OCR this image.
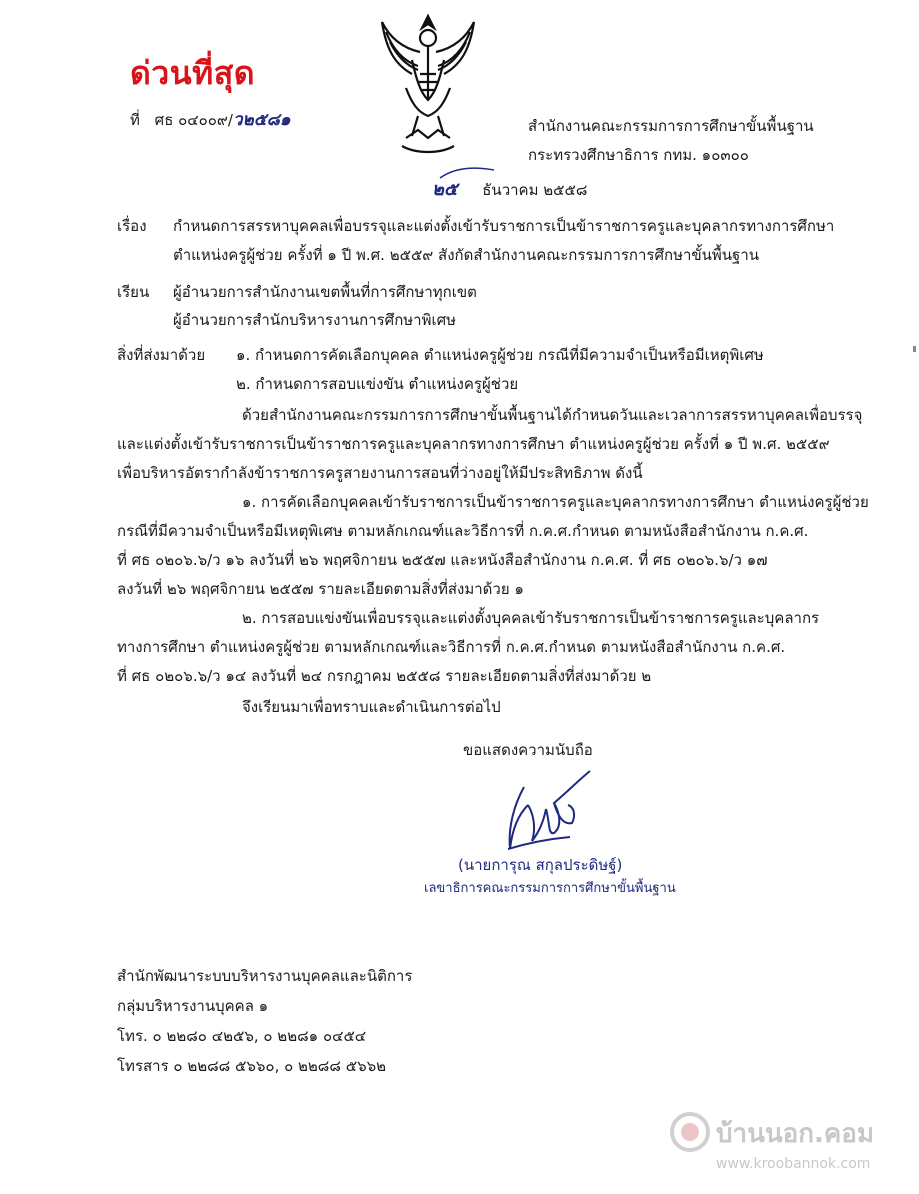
ด่วนที่สุด
ที่ ศธ ๐๔๐๐๙/ว๒๕๘๑	สำนักงานคณะกรรมการการศึกษาขั้นพื้นฐาน
กระทรวงศึกษาธิการ กทม. ๑๐๓๐๐
๒๕ ธันวาคม ๒๕๕๘
เรื่อง กำหนดการสรรหาบุคคลเพื่อบรรจุและแต่งตั้งเข้ารับราชการเป็นข้าราชการครูและบุคลากรทางการศึกษา
ตำแหน่งครูผู้ช่วย ครั้งที่ ๑ ปี พ.ศ. ๒๕๕๙ สังกัดสำนักงานคณะกรรมการการศึกษาขั้นพื้นฐาน
เรียน ผู้อำนวยการสำนักงานเขตพื้นที่การศึกษาทุกเขต
ผู้อำนวยการสำนักบริหารงานการศึกษาพิเศษ
สิ่งที่ส่งมาด้วย ๑. กำหนดการคัดเลือกบุคคล ตำแหน่งครูผู้ช่วย กรณีที่มีความจำเป็นหรือมีเหตุพิเศษ
๒. กำหนดการสอบแข่งขัน ตำแหน่งครูผู้ช่วย
ด้วยสำนักงานคณะกรรมการการศึกษาขั้นพื้นฐานได้กำหนดวันและเวลาการสรรหาบุคคลเพื่อบรรจุ
และแต่งตั้งเข้ารับราชการเป็นข้าราชการครูและบุคลากรทางการศึกษา ตำแหน่งครูผู้ช่วย ครั้งที่ ๑ ปี พ.ศ. ๒๕๕๙
เพื่อบริหารอัตรากำลังข้าราชการครูสายงานการสอนที่ว่างอยู่ให้มีประสิทธิภาพ ดังนี้
๑. การคัดเลือกบุคคลเข้ารับราชการเป็นข้าราชการครูและบุคลากรทางการศึกษา ตำแหน่งครูผู้ช่วย
กรณีที่มีความจำเป็นหรือมีเหตุพิเศษ ตามหลักเกณฑ์และวิธีการที่ ก.ค.ศ.กำหนด ตามหนังสือสำนักงาน ก.ค.ศ.
ที่ ศธ ๐๒๐๖.๖/ว ๑๖ ลงวันที่ ๒๖ พฤศจิกายน ๒๕๕๗ และหนังสือสำนักงาน ก.ค.ศ. ที่ ศธ ๐๒๐๖.๖/ว ๑๗
ลงวันที่ ๒๖ พฤศจิกายน ๒๕๕๗ รายละเอียดตามสิ่งที่ส่งมาด้วย ๑
๒. การสอบแข่งขันเพื่อบรรจุและแต่งตั้งบุคคลเข้ารับราชการเป็นข้าราชการครูและบุคลากร
ทางการศึกษา ตำแหน่งครูผู้ช่วย ตามหลักเกณฑ์และวิธีการที่ ก.ค.ศ.กำหนด ตามหนังสือสำนักงาน ก.ค.ศ.
ที่ ศธ ๐๒๐๖.๖/ว ๑๔ ลงวันที่ ๒๔ กรกฎาคม ๒๕๕๘ รายละเอียดตามสิ่งที่ส่งมาด้วย ๒
จึงเรียนมาเพื่อทราบและดำเนินการต่อไป
ขอแสดงความนับถือ
(นายการุณ สกุลประดิษฐ์)
เลขาธิการคณะกรรมการการศึกษาขั้นพื้นฐาน
สำนักพัฒนาระบบบริหารงานบุคคลและนิติการ
กลุ่มบริหารงานบุคคล ๑
โทร. ๐ ๒๒๘๐ ๔๒๕๖, ๐ ๒๒๘๑ ๐๔๕๔
โทรสาร ๐ ๒๒๘๘ ๕๖๖๐, ๐ ๒๒๘๘ ๕๖๖๒
บ้านนอก.คอม
www.kroobannok.com
